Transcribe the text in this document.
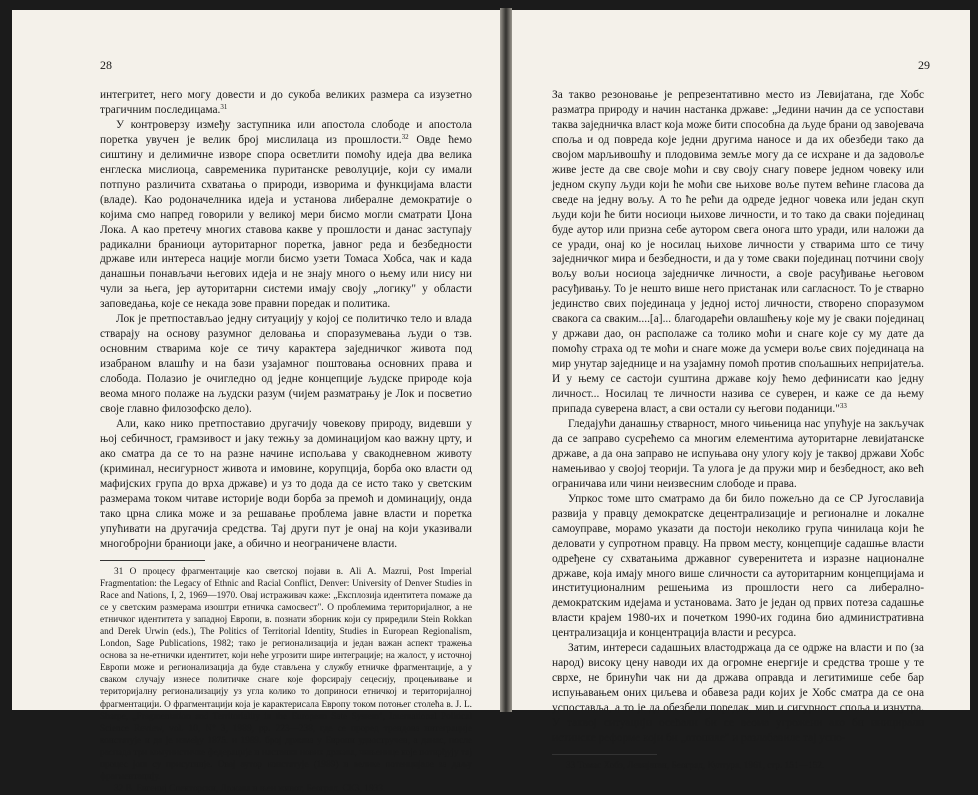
28

интегритет, него могу довести и до сукоба великих размера са изузетно трагичним последицама.$^{31}$

У контроверзу између заступника или апостола слободе и апостола поретка увучен је велик број мислилаца из прошлости.$^{32}$ Овде ћемо сиштину и делимичне изворе спора осветлити помоћу идеја два велика енглеска мислиоца, савременика пуританске револуције, који су имали потпуно различита схватања о природи, изворима и функцијама власти (владе). Као родоначелника идеја и установа либералне демократије о којима смо напред говорили у великој мери бисмо могли сматрати Џона Лока. А као претечу многих ставова какве у прошлости и данас заступају радикални браниоци ауторитарног поретка, јавног реда и безбедности државе или интереса нације могли бисмо узети Томаса Хобса, чак и када данашњи понављачи његових идеја и не знају много о њему или нису ни чули за њега, јер ауторитарни системи имају своју „логику" у области заповедања, које се некада зове правни поредак и политика.

Лок је претпостављао једну ситуацију у којој се политичко тело и влада стварају на основу разумног деловања и споразумевања људи о тзв. основним стварима које се тичу карактера заједничког живота под изабраном влашћу и на бази узајамног поштовања основних права и слобода. Полазио је очигледно од једне концепције људске природе која веома много полаже на људски разум (чијем разматрању је Лок и посветио своје главно филозофско дело).

Али, како нико претпоставио другачију човекову природу, видевши у њој себичност, грамзивост и јаку тежњу за доминацијом као важну црту, и ако сматра да се то на разне начине испољава у свакодневном животу (криминал, несигурност живота и имовине, корупција, борба око власти од мафијских група до врха државе) и уз то дода да се исто тако у светским размерама током читаве историје води борба за премоћ и доминацију, онда тако црна слика може и за решавање проблема јавне власти и поретка упућивати на другачија средства. Тај други пут је онај на који указивали многобројни браниоци јаке, а обично и неограничене власти.

31 О процесу фрагментације као светској појави в. Ali A. Mazrui, Post Imperial Fragmentation: the Legacy of Ethnic and Racial Conflict, Denver: University of Denver Studies in Race and Nations, I, 2, 1969—1970. Овај истраживач каже: „Експлозија идентитета помаже да се у светским размерама изоштри етничка самосвест". О проблемима територијалног, а не етничког идентитета у западној Европи, в. познати зборник који су приредили Stein Rokkan and Derek Urwin (eds.), The Politics of Territorial Identity, Studies in European Regionalism, London, Sage Publications, 1982; тако је регионализација и један важан аспект тражења основа за не-етнички идентитет, који неће угрозити шире интеграције; на жалост, у источној Европи може и регионализација да буде стављена у службу етничке фрагментације, а у сваком случају изнесе политичке снаге које форсирају сецесију, процењивање и територијалну регионализацију уз угла колико то доприноси етничкој и територијалној фрагментацији. О фрагментацији која је карактерисала Европу током потоњег столећа в. J. L. Sharpe, „Fragmentation and Territoriality in the European Sate System", International Political Science Review, vol. 10, N° 3, 1989, pp. 223—238, где се проред трендова интеграције констатује и да је између 1875. и 1989. број држава у Европи удвостручен, а данас, после распада три комунистичке федерације и настанка нових држава, чињенице које потврђују тај процес још су присутније. Овај аутор констатује (1989) и велике потенцијале за даљу фрагментацију.

32 В. Евгениј Спекторски, Држава и њен живот, Београд, СКЗ, 1933.

29

За такво резоновање је репрезентативно место из Левијатана, где Хобс разматра природу и начин настанка државе: „Једини начин да се успостави таква заједничка власт која може бити способна да људе брани од завојевача споља и од повреда које једни другима наносе и да их обезбеди тако да својом марљивошћу и плодовима земље могу да се исхране и да задовоље живе јесте да све своје моћи и сву своју снагу повере једном човеку или једном скупу људи који ће моћи све њихове воље путем већине гласова да сведе на једну вољу. А то ће рећи да одреде једног човека или један скуп људи који ће бити носиоци њихове личности, и то тако да сваки појединац буде аутор или призна себе ауторoм свега онога што уради, или наложи да се уради, онај ко је носилац њихове личности у стварима што се тичу заједничког мира и безбедности, и да у томе сваки појединац потчини своју вољу вољи носиоца заједничке личности, а своје расуђивање његовом расуђивању. То је нешто више него пристанак или сагласност. То је стварно јединство свих појединаца у једној истој личности, створено споразумом свакога са сваким....[а]... благодарећи овлашћењу које му је сваки појединац у држави дао, он располаже са толико моћи и снаге које су му дате да помоћу страха од те моћи и снаге може да усмери вољe свих појединаца на мир унутар заједнице и на узајамну помоћ против спољашњих непријатеља. И у њему се састоји суштина државе коју ћемо дефинисати као једну личност... Носилац те личности назива се суверен, и каже се да њему припада суверена власт, а сви остали су његови поданици."$^{33}$

Гледајући данашњу стварност, много чињеница нас упућује на закључак да се заправо сусрећемо са многим елементима ауторитарне левијатанске државе, а да она заправо не испуњава ону улогу коју је таквој држави Хобс намењивао у својој теорији. Та улога је да пружи мир и безбедност, ако већ ограничава или чини неизвесним слободе и права.

Упркос томе што сматрамо да би било пожељно да се СР Југославија развија у правцу демократске децентрализације и регионалне и локалне самоуправе, морамо указати да постоји неколико група чинилаца који ће деловати у супротном правцу. На првом месту, концепције садашње власти одређене су схватањима државног суверенитета и изразне националне државе, која имају много више сличности са ауторитарним концепцијама и институционалним решењима из прошлости него са либерално-демократским идејама и установама. Зато је један од првих потеза садашње власти крајем 1980-их и почетком 1990-их година био административна централизација и концентрација власти и ресурса.

Затим, интереси садашњих властодржаца да се одрже на власти и по (за народ) високу цену наводи их да огромне енергије и средства троше у те сврхе, не бринући чак ни да држава оправда и легитимише себе бар испуњавањем оних циљева и обавеза ради којих је Хобс сматра да се она успоставља, а то је да обезбеди поредак, мир и сигурност споља и изнутра. У таквој ситуацији осећали би се веома угрожени ако би иницирали истинске реформе који би „отопиле" и разлабавиле тај успо-

33 Томас Хобз, Левијатан, Београд, Култура, 1961, стр. 151—152.
